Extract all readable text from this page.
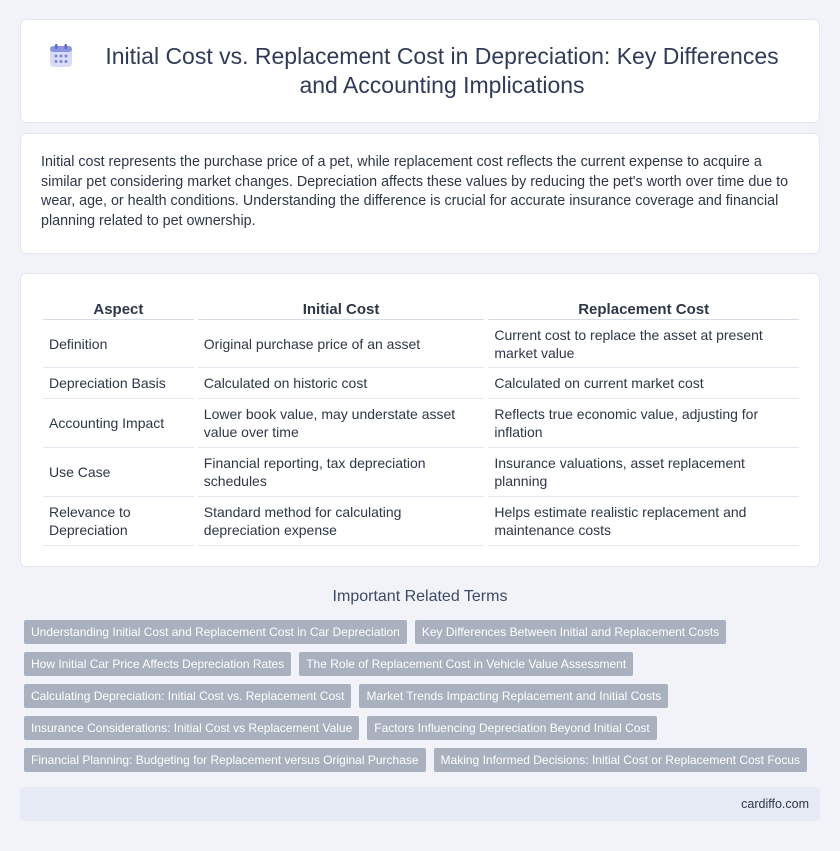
Initial Cost vs. Replacement Cost in Depreciation: Key Differences and Accounting Implications

Initial cost represents the purchase price of a pet, while replacement cost reflects the current expense to acquire a similar pet considering market changes. Depreciation affects these values by reducing the pet's worth over time due to wear, age, or health conditions. Understanding the difference is crucial for accurate insurance coverage and financial planning related to pet ownership.

Aspect	Initial Cost	Replacement Cost
Definition	Original purchase price of an asset	Current cost to replace the asset at present market value
Depreciation Basis	Calculated on historic cost	Calculated on current market cost
Accounting Impact	Lower book value, may understate asset value over time	Reflects true economic value, adjusting for inflation
Use Case	Financial reporting, tax depreciation schedules	Insurance valuations, asset replacement planning
Relevance to Depreciation	Standard method for calculating depreciation expense	Helps estimate realistic replacement and maintenance costs
Important Related Terms
Understanding Initial Cost and Replacement Cost in Car Depreciation	Key Differences Between Initial and Replacement Costs
How Initial Car Price Affects Depreciation Rates	The Role of Replacement Cost in Vehicle Value Assessment
Calculating Depreciation: Initial Cost vs. Replacement Cost	Market Trends Impacting Replacement and Initial Costs
Insurance Considerations: Initial Cost vs Replacement Value	Factors Influencing Depreciation Beyond Initial Cost
Financial Planning: Budgeting for Replacement versus Original Purchase	Making Informed Decisions: Initial Cost or Replacement Cost Focus
cardiffo.com
